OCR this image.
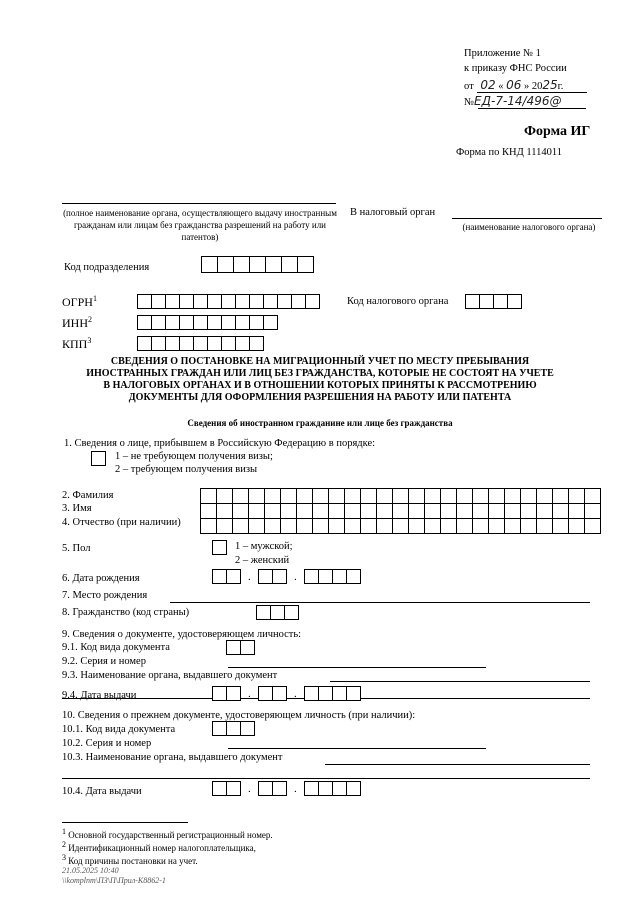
Приложение № 1
к приказу ФНС России
от 02 « 06 » 2025г.
№ЕД-7-14/496@
Форма ИГ
Форма по КНД 1114011
(полное наименование органа, осуществляющего выдачу иностранным гражданам или лицам без гражданства разрешений на работу или патентов)
В налоговый орган
(наименование налогового органа)
Код подразделения
ОГРН$^1$	Код налогового органа
ИНН$^2$
КПП$^3$
СВЕДЕНИЯ О ПОСТАНОВКЕ НА МИГРАЦИОННЫЙ УЧЕТ ПО МЕСТУ ПРЕБЫВАНИЯ
ИНОСТРАННЫХ ГРАЖДАН ИЛИ ЛИЦ БЕЗ ГРАЖДАНСТВА, КОТОРЫЕ НЕ СОСТОЯТ НА УЧЕТЕ
В НАЛОГОВЫХ ОРГАНАХ И В ОТНОШЕНИИ КОТОРЫХ ПРИНЯТЫ К РАССМОТРЕНИЮ
ДОКУМЕНТЫ ДЛЯ ОФОРМЛЕНИЯ РАЗРЕШЕНИЯ НА РАБОТУ ИЛИ ПАТЕНТА
Сведения об иностранном гражданине или лице без гражданства
1. Сведения о лице, прибывшем в Российскую Федерацию в порядке:
1 – не требующем получения визы;
2 – требующем получения визы
2. Фамилия
3. Имя
4. Отчество (при наличии)

5. Пол	1 – мужской;
2 – женский
6. Дата рождения	.	.
7. Место рождения
8. Гражданство (код страны)
9. Сведения о документе, удостоверяющем личность:
9.1. Код вида документа
9.2. Серия и номер
9.3. Наименование органа, выдавшего документ
9.4. Дата выдачи	.	.
10. Сведения о прежнем документе, удостоверяющем личность (при наличии):
10.1. Код вида документа
10.2. Серия и номер
10.3. Наименование органа, выдавшего документ
10.4. Дата выдачи	.	.
$^1$ Основной государственный регистрационный номер.
$^2$ Идентификационный номер налогоплательщика,
$^3$ Код причины постановки на учет.
21.05.2025 10:40
\\komplnm\ПЗ\П\Прил-К8862-1
